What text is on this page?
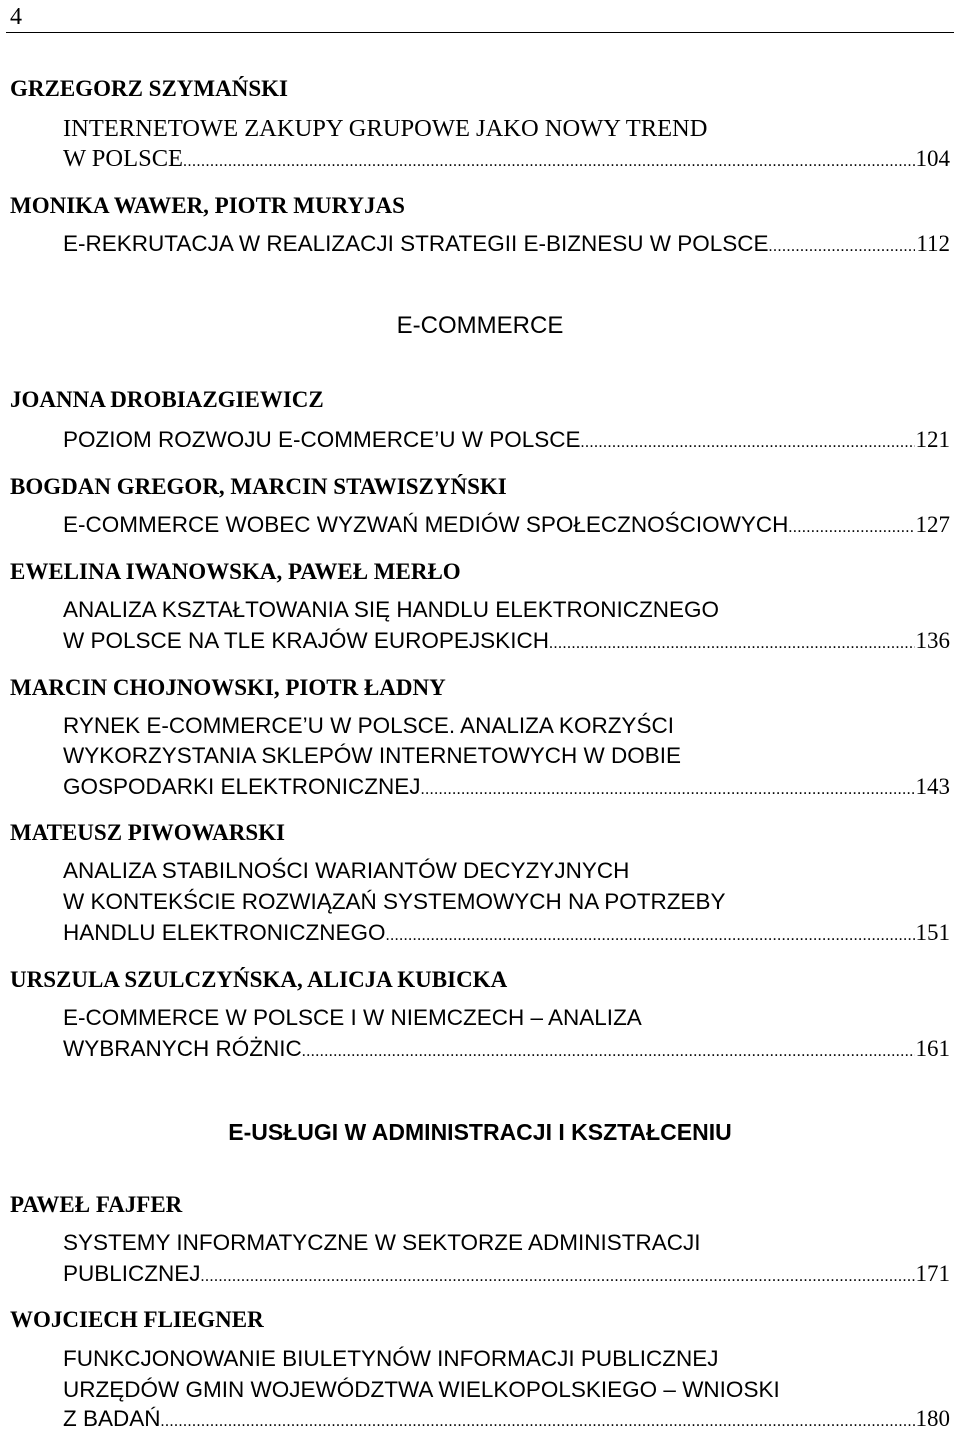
4
GRZEGORZ SZYMAŃSKI
INTERNETOWE ZAKUPY GRUPOWE JAKO NOWY TREND
W POLSCE .....	104
MONIKA WAWER, PIOTR MURYJAS
E-REKRUTACJA W REALIZACJI STRATEGII E-BIZNESU W POLSCE .....	112
E-COMMERCE
JOANNA DROBIAZGIEWICZ
POZIOM ROZWOJU E-COMMERCE’U W POLSCE .....	121
BOGDAN GREGOR, MARCIN STAWISZYŃSKI
E-COMMERCE WOBEC WYZWAŃ MEDIÓW SPOŁECZNOŚCIOWYCH .....	127
EWELINA IWANOWSKA, PAWEŁ MERŁO
ANALIZA KSZTAŁTOWANIA SIĘ HANDLU ELEKTRONICZNEGO
W POLSCE NA TLE KRAJÓW EUROPEJSKICH .....	136
MARCIN CHOJNOWSKI, PIOTR ŁADNY
RYNEK E-COMMERCE’U W POLSCE. ANALIZA KORZYŚCI
WYKORZYSTANIA SKLEPÓW INTERNETOWYCH W DOBIE
GOSPODARKI ELEKTRONICZNEJ .....	143
MATEUSZ PIWOWARSKI
ANALIZA STABILNOŚCI WARIANTÓW DECYZYJNYCH
W KONTEKŚCIE ROZWIĄZAŃ SYSTEMOWYCH NA POTRZEBY
HANDLU ELEKTRONICZNEGO .....	151
URSZULA SZULCZYŃSKA, ALICJA KUBICKA
E-COMMERCE W POLSCE I W NIEMCZECH – ANALIZA
WYBRANYCH RÓŻNIC .....	161
E-USŁUGI W ADMINISTRACJI I KSZTAŁCENIU
PAWEŁ FAJFER
SYSTEMY INFORMATYCZNE W SEKTORZE ADMINISTRACJI
PUBLICZNEJ .....	171
WOJCIECH FLIEGNER
FUNKCJONOWANIE BIULETYNÓW INFORMACJI PUBLICZNEJ
URZĘDÓW GMIN WOJEWÓDZTWA WIELKOPOLSKIEGO – WNIOSKI
Z BADAŃ .....	180
